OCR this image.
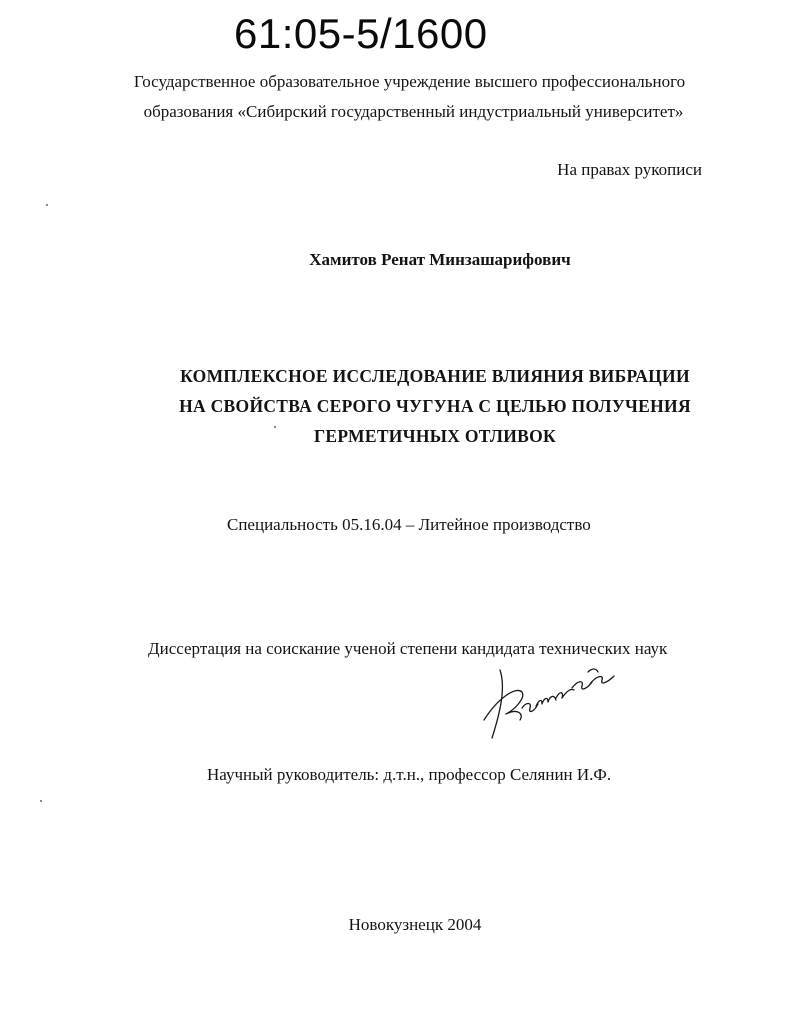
61:05-5/1600
Государственное образовательное учреждение высшего профессионального
образования «Сибирский государственный индустриальный университет»
На правах рукописи
Хамитов Ренат Минзашарифович
КОМПЛЕКСНОЕ ИССЛЕДОВАНИЕ ВЛИЯНИЯ ВИБРАЦИИ
НА СВОЙСТВА СЕРОГО ЧУГУНА С ЦЕЛЬЮ ПОЛУЧЕНИЯ
ГЕРМЕТИЧНЫХ ОТЛИВОК
Специальность 05.16.04 – Литейное производство
Диссертация на соискание ученой степени кандидата технических наук
Научный руководитель: д.т.н., профессор Селянин И.Ф.
Новокузнецк 2004
